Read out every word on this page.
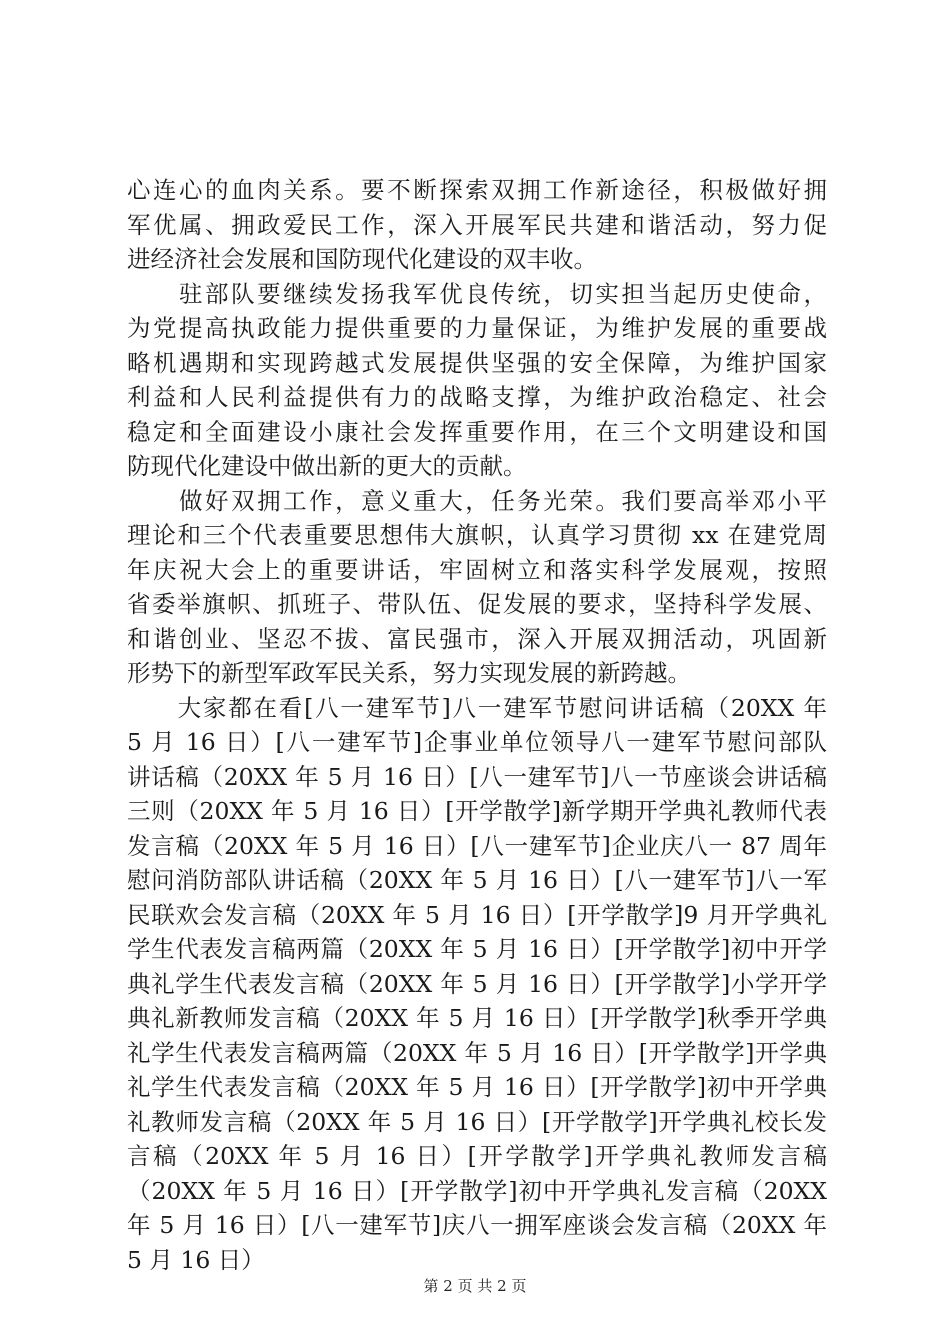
心连心的血肉关系。要不断探索双拥工作新途径，积极做好拥
军优属、拥政爱民工作，深入开展军民共建和谐活动，努力促
进经济社会发展和国防现代化建设的双丰收。
　　驻部队要继续发扬我军优良传统，切实担当起历史使命，
为党提高执政能力提供重要的力量保证，为维护发展的重要战
略机遇期和实现跨越式发展提供坚强的安全保障，为维护国家
利益和人民利益提供有力的战略支撑，为维护政治稳定、社会
稳定和全面建设小康社会发挥重要作用，在三个文明建设和国
防现代化建设中做出新的更大的贡献。
　　做好双拥工作，意义重大，任务光荣。我们要高举邓小平
理论和三个代表重要思想伟大旗帜，认真学习贯彻 xx 在建党周
年庆祝大会上的重要讲话，牢固树立和落实科学发展观，按照
省委举旗帜、抓班子、带队伍、促发展的要求，坚持科学发展、
和谐创业、坚忍不拔、富民强市，深入开展双拥活动，巩固新
形势下的新型军政军民关系，努力实现发展的新跨越。
　　大家都在看[八一建军节]八一建军节慰问讲话稿（20XX 年
5 月 16 日）[八一建军节]企事业单位领导八一建军节慰问部队
讲话稿（20XX 年 5 月 16 日）[八一建军节]八一节座谈会讲话稿
三则（20XX 年 5 月 16 日）[开学散学]新学期开学典礼教师代表
发言稿（20XX 年 5 月 16 日）[八一建军节]企业庆八一 87 周年
慰问消防部队讲话稿（20XX 年 5 月 16 日）[八一建军节]八一军
民联欢会发言稿（20XX 年 5 月 16 日）[开学散学]9 月开学典礼
学生代表发言稿两篇（20XX 年 5 月 16 日）[开学散学]初中开学
典礼学生代表发言稿（20XX 年 5 月 16 日）[开学散学]小学开学
典礼新教师发言稿（20XX 年 5 月 16 日）[开学散学]秋季开学典
礼学生代表发言稿两篇（20XX 年 5 月 16 日）[开学散学]开学典
礼学生代表发言稿（20XX 年 5 月 16 日）[开学散学]初中开学典
礼教师发言稿（20XX 年 5 月 16 日）[开学散学]开学典礼校长发
言稿（20XX 年 5 月 16 日）[开学散学]开学典礼教师发言稿
（20XX 年 5 月 16 日）[开学散学]初中开学典礼发言稿（20XX
年 5 月 16 日）[八一建军节]庆八一拥军座谈会发言稿（20XX 年
5 月 16 日）
第 2 页 共 2 页
